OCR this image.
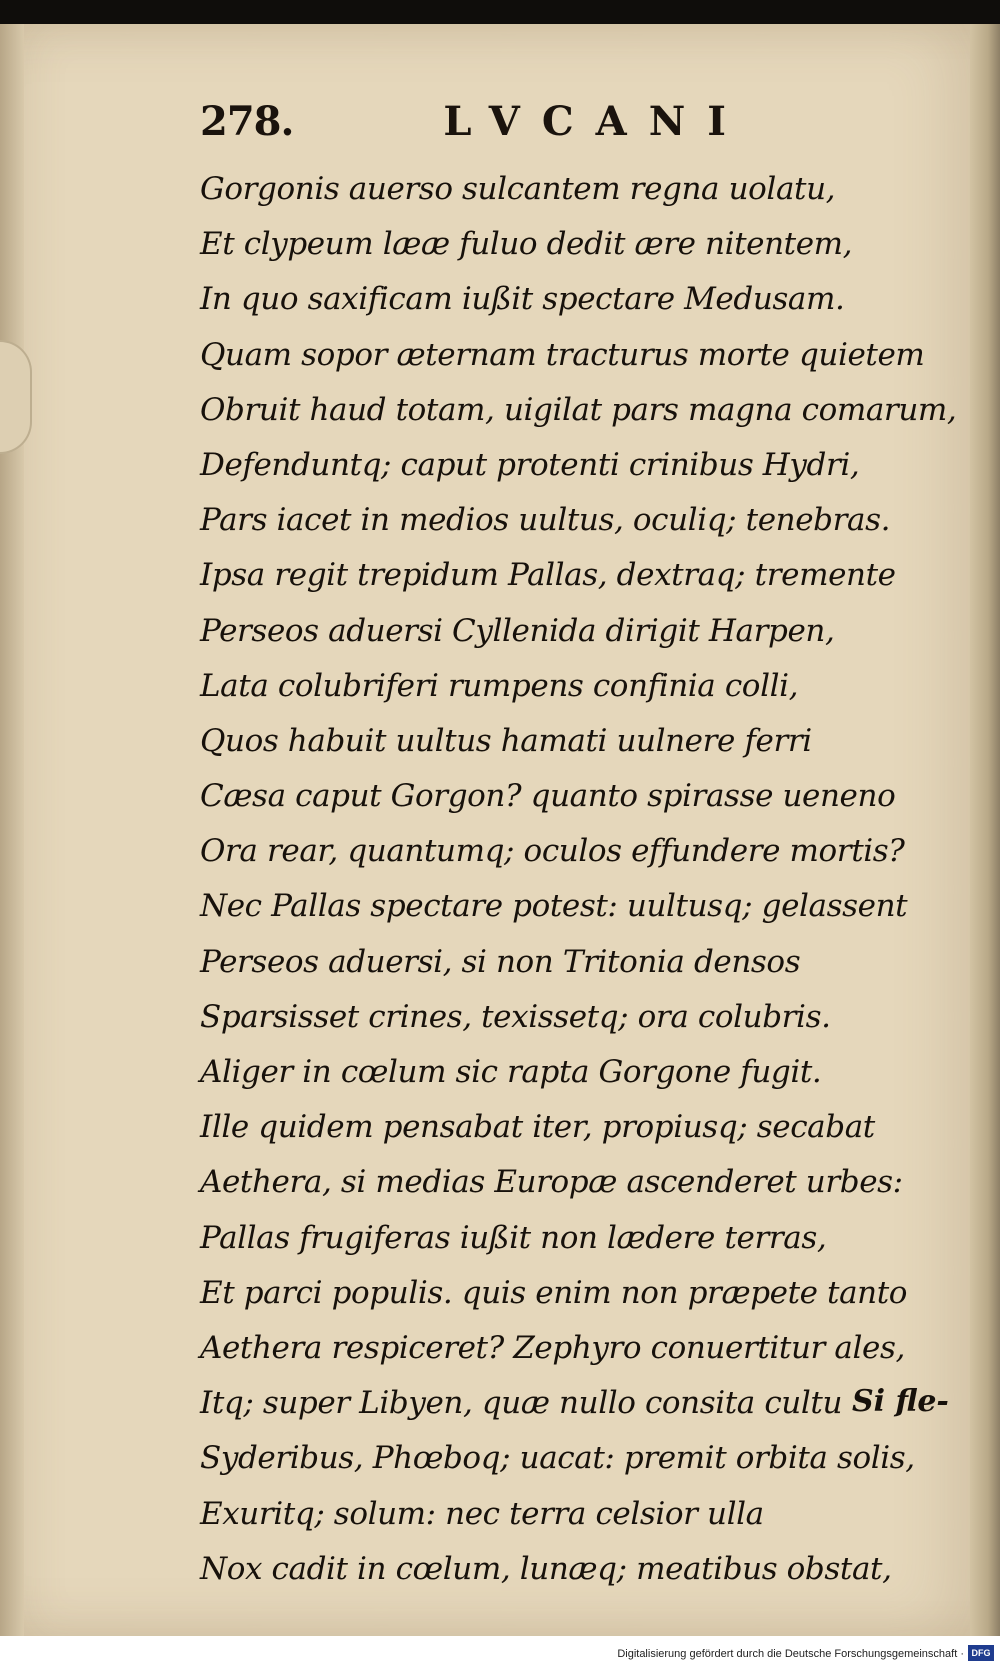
278.	LVCANI
Gorgonis auerso sulcantem regna uolatu,
Et clypeum lææ fuluo dedit ære nitentem,
In quo saxificam iußit spectare Medusam.
Quam sopor æternam tracturus morte quietem
Obruit haud totam, uigilat pars magna comarum,
Defenduntq; caput protenti crinibus Hydri,
Pars iacet in medios uultus, oculiq; tenebras.
Ipsa regit trepidum Pallas, dextraq; tremente
Perseos aduersi Cyllenida dirigit Harpen,
Lata colubriferi rumpens confinia colli,
Quos habuit uultus hamati uulnere ferri
Cæsa caput Gorgon? quanto spirasse ueneno
Ora rear, quantumq; oculos effundere mortis?
Nec Pallas spectare potest: uultusq; gelassent
Perseos aduersi, si non Tritonia densos
Sparsisset crines, texissetq; ora colubris.
Aliger in cœlum sic rapta Gorgone fugit.
Ille quidem pensabat iter, propiusq; secabat
Aethera, si medias Europæ ascenderet urbes:
Pallas frugiferas iußit non lædere terras,
Et parci populis. quis enim non præpete tanto
Aethera respiceret? Zephyro conuertitur ales,
Itq; super Libyen, quæ nullo consita cultu
Syderibus, Phœboq; uacat: premit orbita solis,
Exuritq; solum: nec terra celsior ulla
Nox cadit in cœlum, lunæq; meatibus obstat,
Si fle-
Digitalisierung gefördert durch die Deutsche Forschungsgemeinschaft · DFG
